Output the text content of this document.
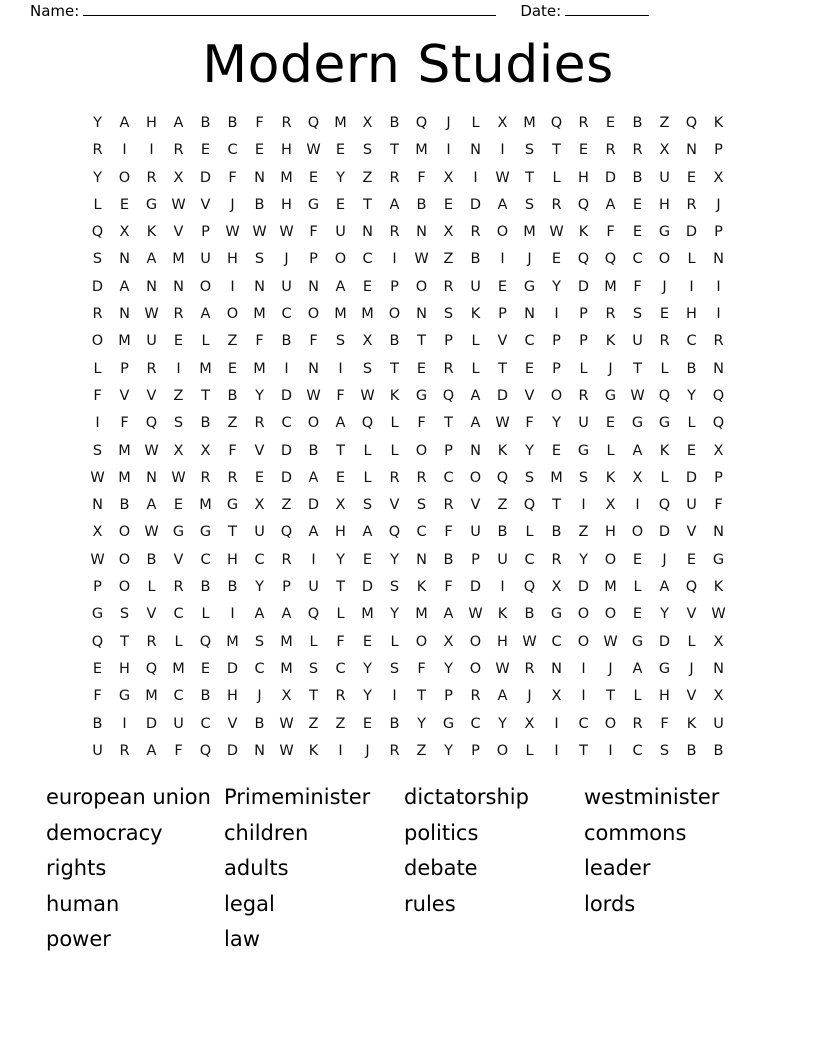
Name:	Date:
Modern Studies
Y	A	H	A	B	B	F	R	Q	M	X	B	Q	J	L	X	M	Q	R	E	B	Z	Q	K
R	I	I	R	E	C	E	H W	E	S	T	M	I	N	I	S	T	E	R	R	X	N	P
Y	O	R	X	D	F	N	M	E	Y	Z	R	F	X	I	W	T	L	H	D	B	U	E	X
L	E	G W	V	J	B	H	G	E	T	A	B	E	D	A	S	R	Q	A	E	H	R	J
Q	X	K	V	P	W W W	F	U	N	R	N	X	R	O	M W	K	F	E	G	D	P
S	N	A	M	U	H	S	J	P	O	C	I	W	Z	B	I	J	E	Q	Q	C	O	L	N
D	A	N	N	O	I	N	U	N	A	E	P	O	R	U	E	G	Y	D	M	F	J	I	I
R	N W	R	A	O	M	C	O	M M	O	N	S	K	P	N	I	P	R	S	E	H	I
O	M	U	E	L	Z	F	B	F	S	X	B	T	P	L	V	C	P	P	K	U	R	C	R
L	P	R	I	M	E	M	I	N	I	S	T	E	R	L	T	E	P	L	J	T	L	B	N
F	V	V	Z	T	B	Y	D W	F	W	K	G	Q	A	D	V	O	R	G W Q	Y	Q
I	F	Q	S	B	Z	R	C	O	A	Q	L	F	T	A	W	F	Y	U	E	G	G	L	Q
S	M W	X	X	F	V	D	B	T	L	L	O	P	N	K	Y	E	G	L	A	K	E	X
W M	N W	R	R	E	D	A	E	L	R	R	C	O	Q	S	M	S	K	X	L	D	P
N	B	A	E	M	G	X	Z	D	X	S	V	S	R	V	Z	Q	T	I	X	I	Q	U	F
X	O W G	G	T	U	Q	A	H	A	Q	C	F	U	B	L	B	Z	H	O	D	V	N
W O	B	V	C	H	C	R	I	Y	E	Y	N	B	P	U	C	R	Y	O	E	J	E	G
P	O	L	R	B	B	Y	P	U	T	D	S	K	F	D	I	Q	X	D	M	L	A	Q	K
G	S	V	C	L	I	A	A	Q	L	M	Y	M	A	W	K	B	G	O	O	E	Y	V	W
Q	T	R	L	Q	M	S	M	L	F	E	L	O	X	O	H W	C	O W G	D	L	X
E	H	Q	M	E	D	C	M	S	C	Y	S	F	Y	O W	R	N	I	J	A	G	J	N
F	G	M	C	B	H	J	X	T	R	Y	I	T	P	R	A	J	X	I	T	L	H	V	X
B	I	D	U	C	V	B	W	Z	Z	E	B	Y	G	C	Y	X	I	C	O	R	F	K	U
U	R	A	F	Q	D	N W	K	I	J	R	Z	Y	P	O	L	I	T	I	C	S	B	B
european union
democracy
rights
human
power
Primeminister
children
adults
legal
law
dictatorship
politics
debate
rules
westminister
commons
leader
lords
